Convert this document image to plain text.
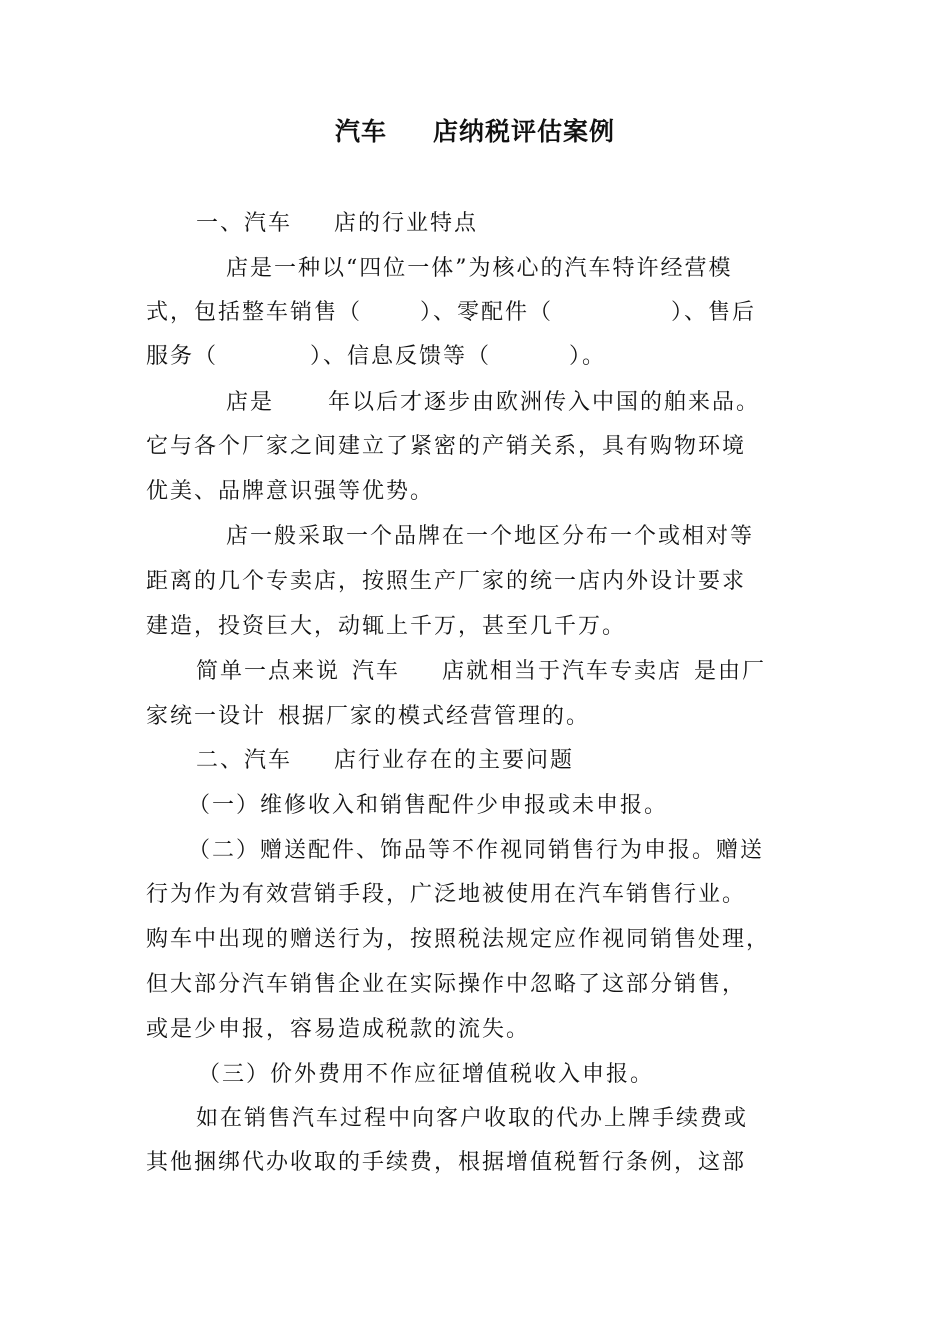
汽车 店纳税评估案例
一、汽车 店的行业特点
店是一种以“四位一体”为核心的汽车特许经营模
式，包括整车销售（	）、零配件（	）、售后
服务（	）、信息反馈等（	）。
店是 年以后才逐步由欧洲传入中国的舶来品。
它与各个厂家之间建立了紧密的产销关系，具有购物环境
优美、品牌意识强等优势。
店一般采取一个品牌在一个地区分布一个或相对等
距离的几个专卖店，按照生产厂家的统一店内外设计要求
建造，投资巨大，动辄上千万，甚至几千万。
简单一点来说 汽车 店就相当于汽车专卖店 是由厂
家统一设计 根据厂家的模式经营管理的。
二、汽车 店行业存在的主要问题
（一）维修收入和销售配件少申报或未申报。
（二）赠送配件、饰品等不作视同销售行为申报。赠送
行为作为有效营销手段，广泛地被使用在汽车销售行业。
购车中出现的赠送行为，按照税法规定应作视同销售处理，
但大部分汽车销售企业在实际操作中忽略了这部分销售，
或是少申报，容易造成税款的流失。
（三）价外费用不作应征增值税收入申报。
如在销售汽车过程中向客户收取的代办上牌手续费或
其他捆绑代办收取的手续费，根据增值税暂行条例，这部
